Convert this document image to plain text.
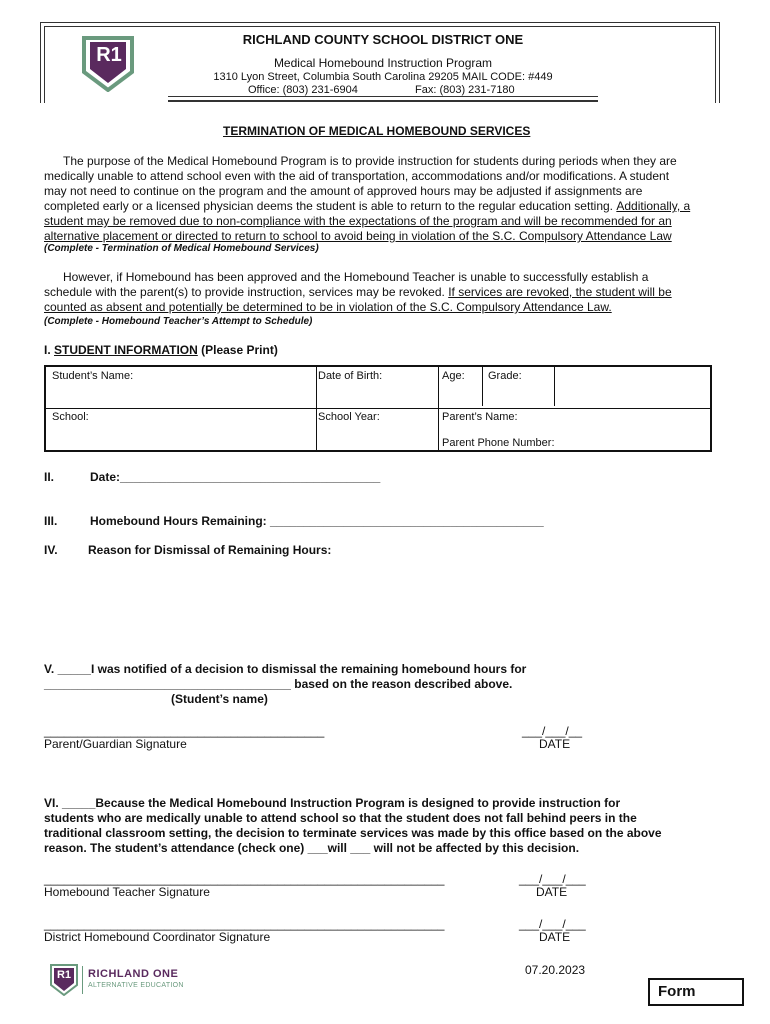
R1
RICHLAND COUNTY SCHOOL DISTRICT ONE
Medical Homebound Instruction Program
1310 Lyon Street, Columbia South Carolina 29205 MAIL CODE: #449
Office: (803) 231-6904	Fax: (803) 231-7180
TERMINATION OF MEDICAL HOMEBOUND SERVICES
The purpose of the Medical Homebound Program is to provide instruction for students during periods when they are
medically unable to attend school even with the aid of transportation, accommodations and/or modifications. A student
may not need to continue on the program and the amount of approved hours may be adjusted if assignments are
completed early or a licensed physician deems the student is able to return to the regular education setting. Additionally, a
student may be removed due to non-compliance with the expectations of the program and will be recommended for an
alternative placement or directed to return to school to avoid being in violation of the S.C. Compulsory Attendance Law
(Complete - Termination of Medical Homebound Services)
However, if Homebound has been approved and the Homebound Teacher is unable to successfully establish a
schedule with the parent(s) to provide instruction, services may be revoked. If services are revoked, the student will be
counted as absent and potentially be determined to be in violation of the S.C. Compulsory Attendance Law.
(Complete - Homebound Teacher’s Attempt to Schedule)
I. STUDENT INFORMATION (Please Print)
Student’s Name:	Date of Birth:	Age: Grade:
School:	School Year:	Parent’s Name:
Parent Phone Number:
II.	Date:_______________________________________
III.	Homebound Hours Remaining: _________________________________________
IV.	Reason for Dismissal of Remaining Hours:
V. _____I was notified of a decision to dismissal the remaining homebound hours for
_____________________________________ based on the reason described above.
(Student’s name)
__________________________________________
Parent/Guardian Signature
___/___/__
DATE
VI. _____Because the Medical Homebound Instruction Program is designed to provide instruction for
students who are medically unable to attend school so that the student does not fall behind peers in the
traditional classroom setting, the decision to terminate services was made by this office based on the above
reason. The student’s attendance (check one) ___will ___ will not be affected by this decision.
____________________________________________________________
Homebound Teacher Signature
___/___/___
DATE
____________________________________________________________
District Homebound Coordinator Signature
___/___/___
DATE
R1 RICHLAND ONE
ALTERNATIVE EDUCATION
07.20.2023
Form
